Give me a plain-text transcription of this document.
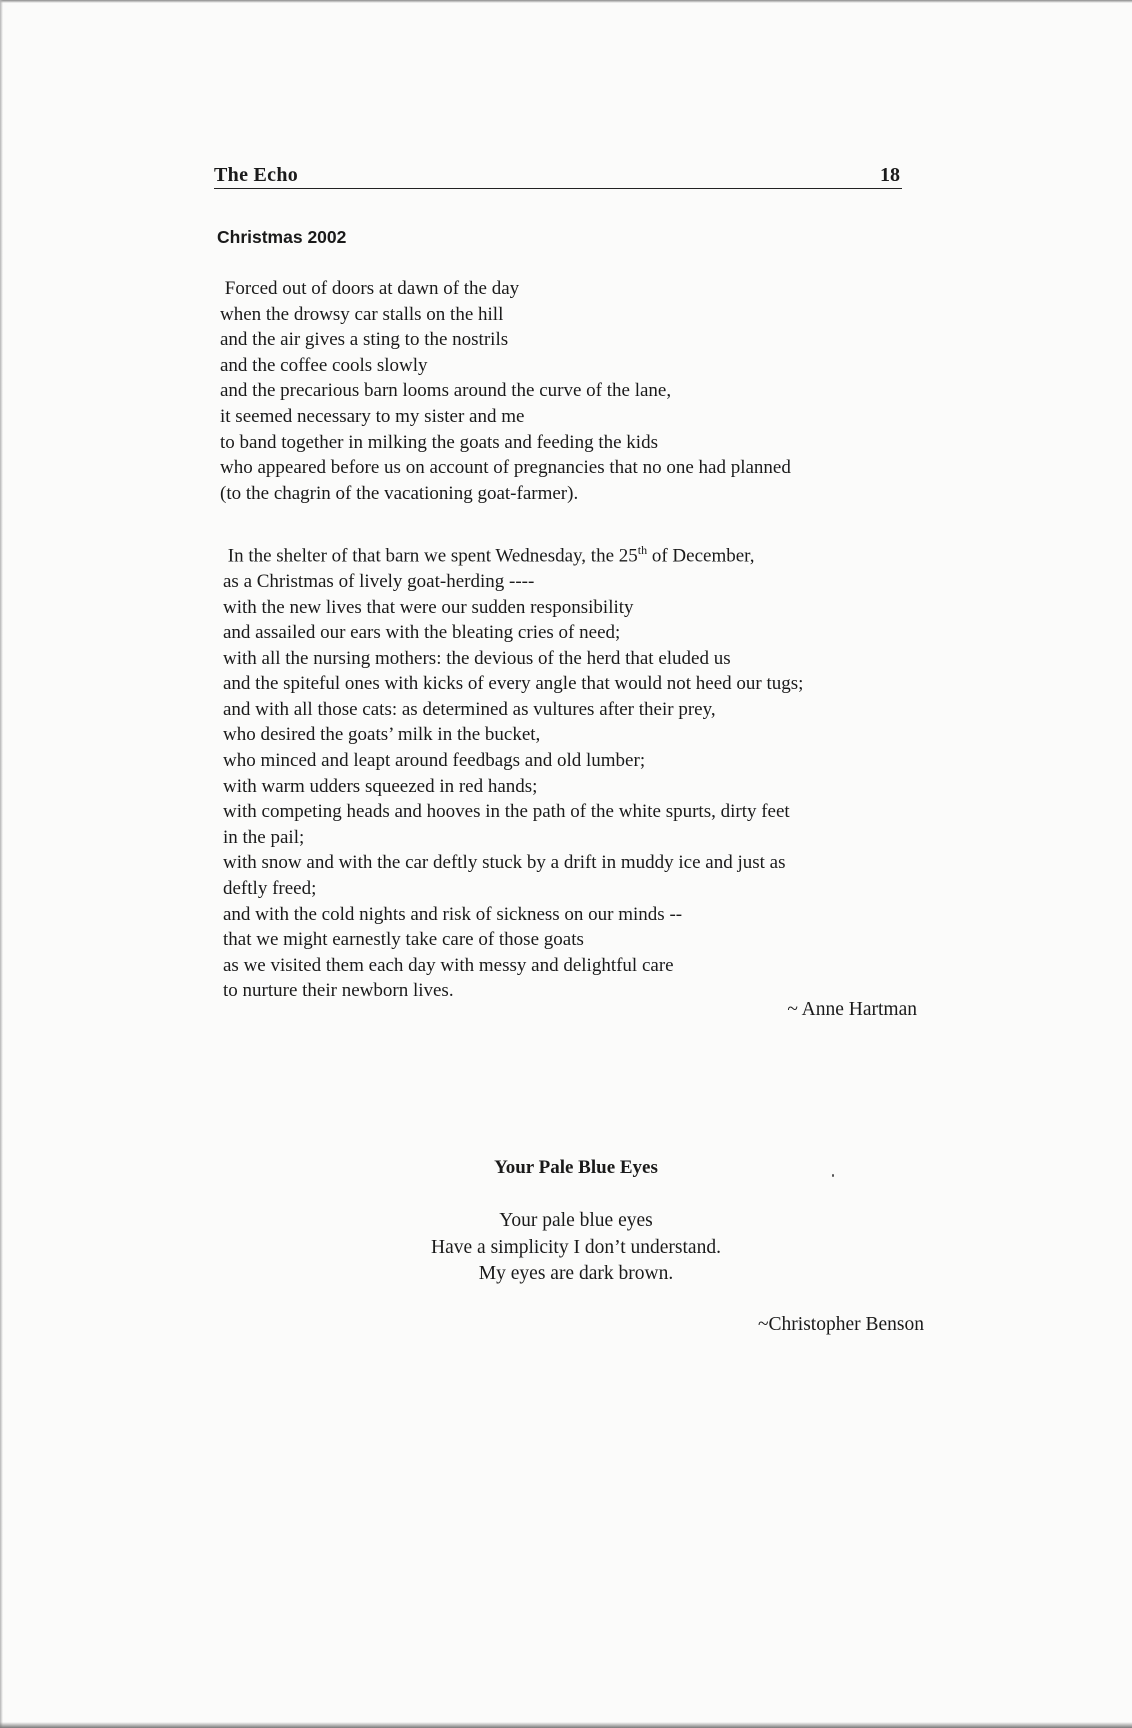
The Echo	18
Christmas 2002
Forced out of doors at dawn of the day
when the drowsy car stalls on the hill
and the air gives a sting to the nostrils
and the coffee cools slowly
and the precarious barn looms around the curve of the lane,
it seemed necessary to my sister and me
to band together in milking the goats and feeding the kids
who appeared before us on account of pregnancies that no one had planned
(to the chagrin of the vacationing goat-farmer).
In the shelter of that barn we spent Wednesday, the 25th of December,
as a Christmas of lively goat-herding ----
with the new lives that were our sudden responsibility
and assailed our ears with the bleating cries of need;
with all the nursing mothers: the devious of the herd that eluded us
and the spiteful ones with kicks of every angle that would not heed our tugs;
and with all those cats: as determined as vultures after their prey,
who desired the goats’ milk in the bucket,
who minced and leapt around feedbags and old lumber;
with warm udders squeezed in red hands;
with competing heads and hooves in the path of the white spurts, dirty feet
in the pail;
with snow and with the car deftly stuck by a drift in muddy ice and just as
deftly freed;
and with the cold nights and risk of sickness on our minds --
that we might earnestly take care of those goats
as we visited them each day with messy and delightful care
to nurture their newborn lives.
~ Anne Hartman
Your Pale Blue Eyes
Your pale blue eyes
Have a simplicity I don’t understand.
My eyes are dark brown.
~Christopher Benson
